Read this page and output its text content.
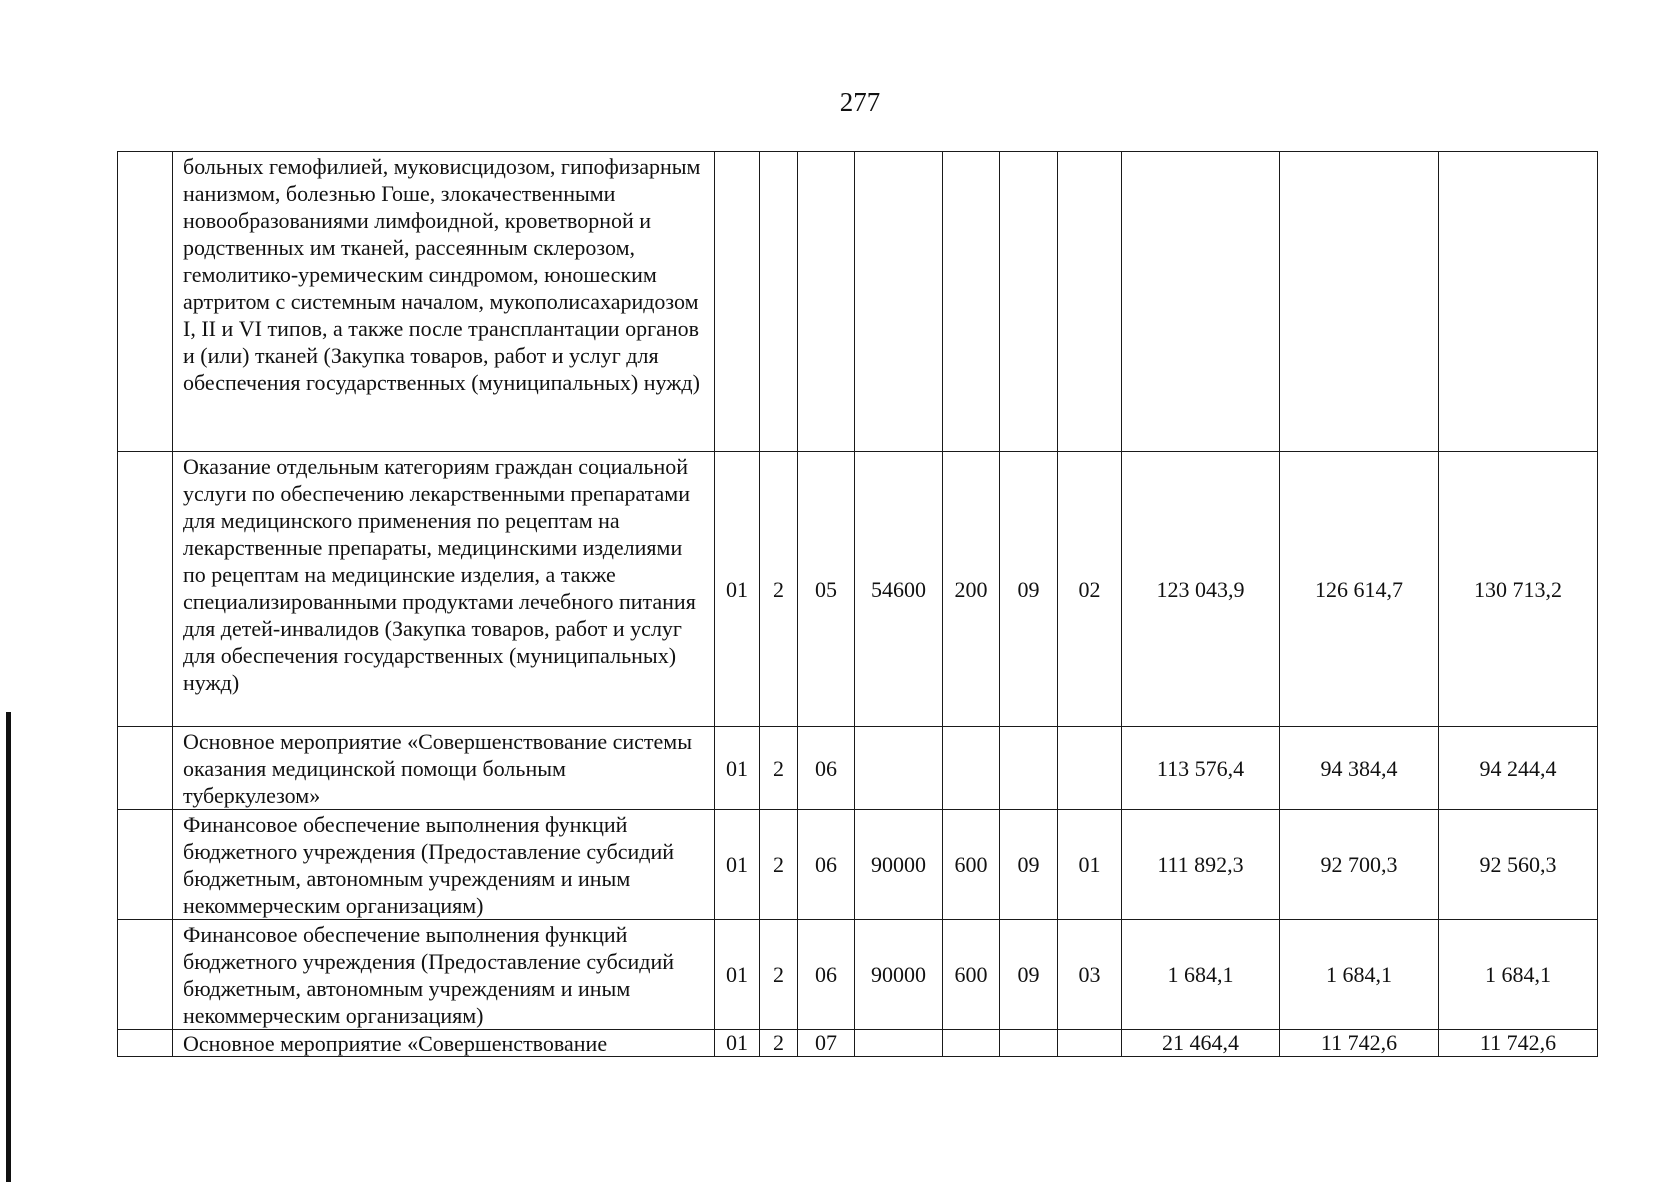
277
	больных гемофилией, муковисцидозом, гипофизарным нанизмом, болезнью Гоше, злокачественными новообразованиями лимфоидной, кроветворной и родственных им тканей, рассеянным склерозом, гемолитико-уремическим синдромом, юношеским артритом с системным началом, мукополисахаридозом I, II и VI типов, а также после трансплантации органов и (или) тканей (Закупка товаров, работ и услуг для обеспечения государственных (муниципальных) нужд)										
	Оказание отдельным категориям граждан социальной услуги по обеспечению лекарственными препаратами для медицинского применения по рецептам на лекарственные препараты, медицинскими изделиями по рецептам на медицинские изделия, а также специализированными продуктами лечебного питания для детей-инвалидов (Закупка товаров, работ и услуг для обеспечения государственных (муниципальных) нужд)	01	2	05	54600	200	09	02	123 043,9	126 614,7	130 713,2
	Основное мероприятие «Совершенствование системы оказания медицинской помощи больным туберкулезом»	01	2	06					113 576,4	94 384,4	94 244,4
	Финансовое обеспечение выполнения функций бюджетного учреждения (Предоставление субсидий бюджетным, автономным учреждениям и иным некоммерческим организациям)	01	2	06	90000	600	09	01	111 892,3	92 700,3	92 560,3
	Финансовое обеспечение выполнения функций бюджетного учреждения (Предоставление субсидий бюджетным, автономным учреждениям и иным некоммерческим организациям)	01	2	06	90000	600	09	03	1 684,1	1 684,1	1 684,1
	Основное мероприятие «Совершенствование	01	2	07					21 464,4	11 742,6	11 742,6
